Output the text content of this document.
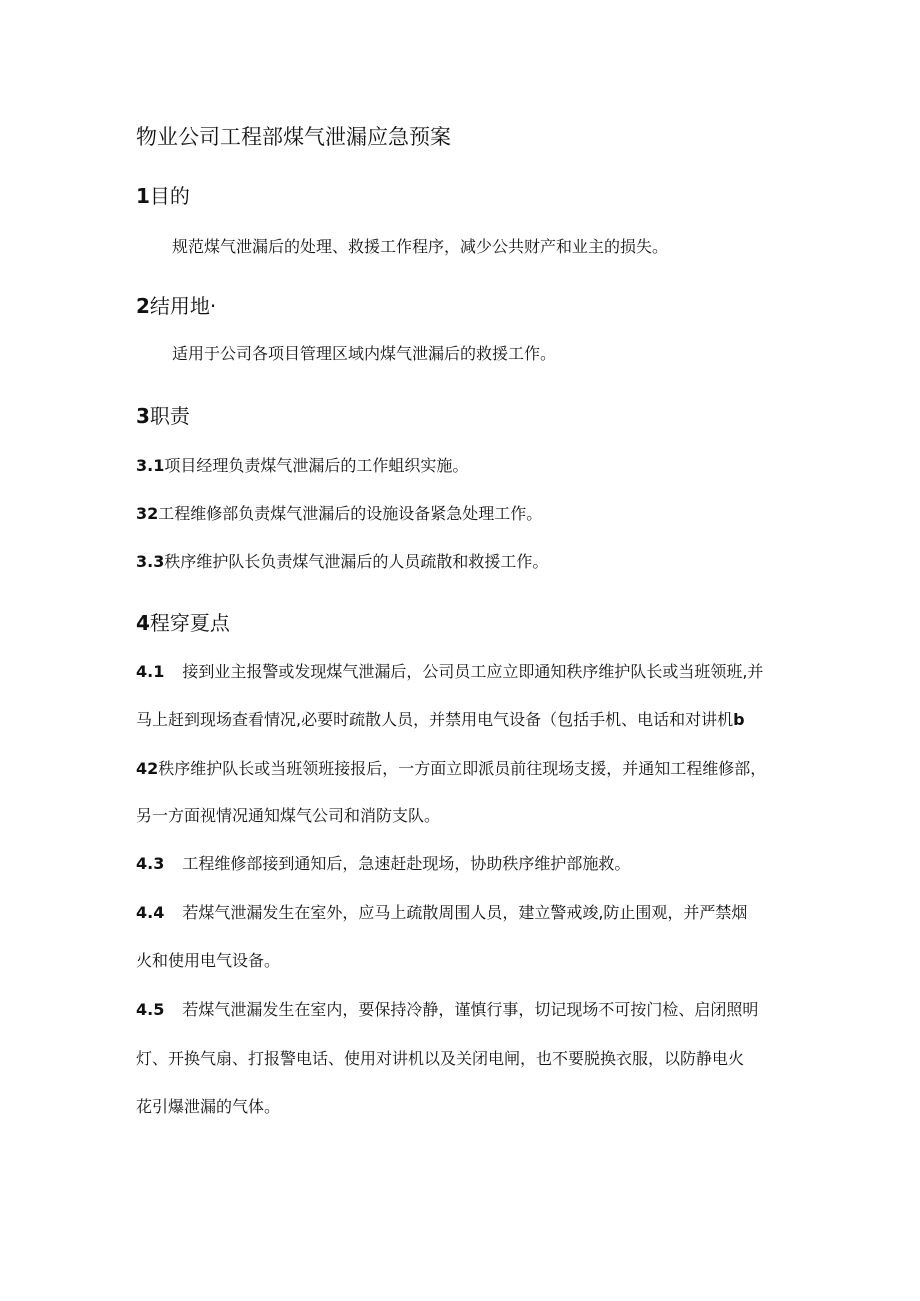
物业公司工程部煤气泄漏应急预案
1目的
规范煤气泄漏后的处理、救援工作程序，减少公共财产和业主的损失。
2结用地·
适用于公司各项目管理区域内煤气泄漏后的救援工作。
3职责
3.1项目经理负责煤气泄漏后的工作蛆织实施。
32工程维修部负责煤气泄漏后的设施设备紧急处理工作。
3.3秩序维护队长负责煤气泄漏后的人员疏散和救援工作。
4程穿夏点
4.1 接到业主报警或发现煤气泄漏后，公司员工应立即通知秩序维护队长或当班领班,并
马上赶到现场查看情况,必要时疏散人员，并禁用电气设备（包括手机、电话和对讲机b
42秩序维护队长或当班领班接报后，一方面立即派员前往现场支援，并通知工程维修部，
另一方面视情况通知煤气公司和消防支队。
4.3 工程维修部接到通知后，急速赶赴现场，协助秩序维护部施救。
4.4 若煤气泄漏发生在室外，应马上疏散周围人员，建立警戒竣,防止围观，并严禁烟
火和使用电气设备。
4.5 若煤气泄漏发生在室内，要保持冷静，谨慎行事，切记现场不可按门检、启闭照明
灯、开换气扇、打报警电话、使用对讲机以及关闭电闸，也不要脱换衣服，以防静电火
花引爆泄漏的气体。
